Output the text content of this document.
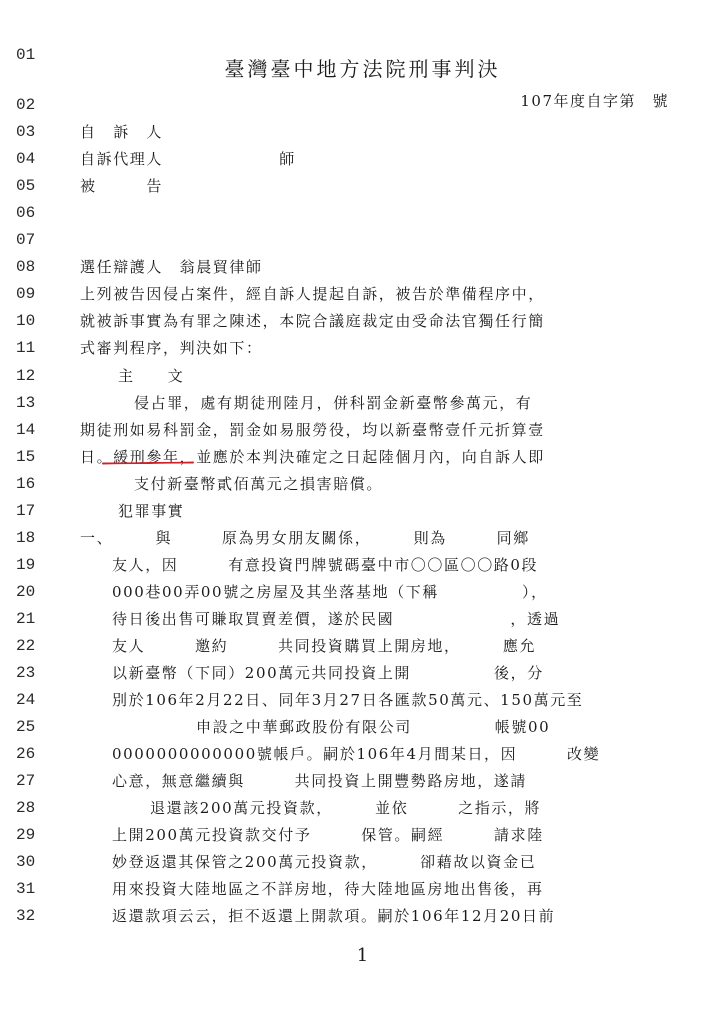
臺灣臺中地方法院刑事判決
107年度自字第　號
01
02
03
04
05
06
07
08
09
10
11
12
13
14
15
16
17
18
19
20
21
22
23
24
25
26
27
28
29
30
31
32
自　訴　人
自訴代理人　　　　　　　師
被　　　告
選任辯護人　翁晨貿律師
上列被告因侵占案件，經自訴人提起自訴，被告於準備程序中，
就被訴事實為有罪之陳述，本院合議庭裁定由受命法官獨任行簡
式審判程序，判決如下：
主　　文
侵占罪，處有期徒刑陸月，併科罰金新臺幣參萬元，有
期徒刑如易科罰金，罰金如易服勞役，均以新臺幣壹仟元折算壹
日。緩刑參年，並應於本判決確定之日起陸個月內，向自訴人即
支付新臺幣貳佰萬元之損害賠償。
犯罪事實
一、　　　與　　　原為男女朋友關係，　　　則為　　　同鄉
友人，因　　　有意投資門牌號碼臺中市〇〇區〇〇路0段
000巷00弄00號之房屋及其坐落基地（下稱　　　　　），
待日後出售可賺取買賣差價，遂於民國　　　　　　　，透過
友人　　　邀約　　　共同投資購買上開房地，　　　應允
以新臺幣（下同）200萬元共同投資上開　　　　　後，分
別於106年2月22日、同年3月27日各匯款50萬元、150萬元至
申設之中華郵政股份有限公司　　　　　帳號00
0000000000000號帳戶。嗣於106年4月間某日，因　　　改變
心意，無意繼續與　　　共同投資上開豐勢路房地，遂請
退還該200萬元投資款，　　　並依　　　之指示，將
上開200萬元投資款交付予　　　保管。嗣經　　　請求陸
妙登返還其保管之200萬元投資款，　　　卻藉故以資金已
用來投資大陸地區之不詳房地，待大陸地區房地出售後，再
返還款項云云，拒不返還上開款項。嗣於106年12月20日前
1
